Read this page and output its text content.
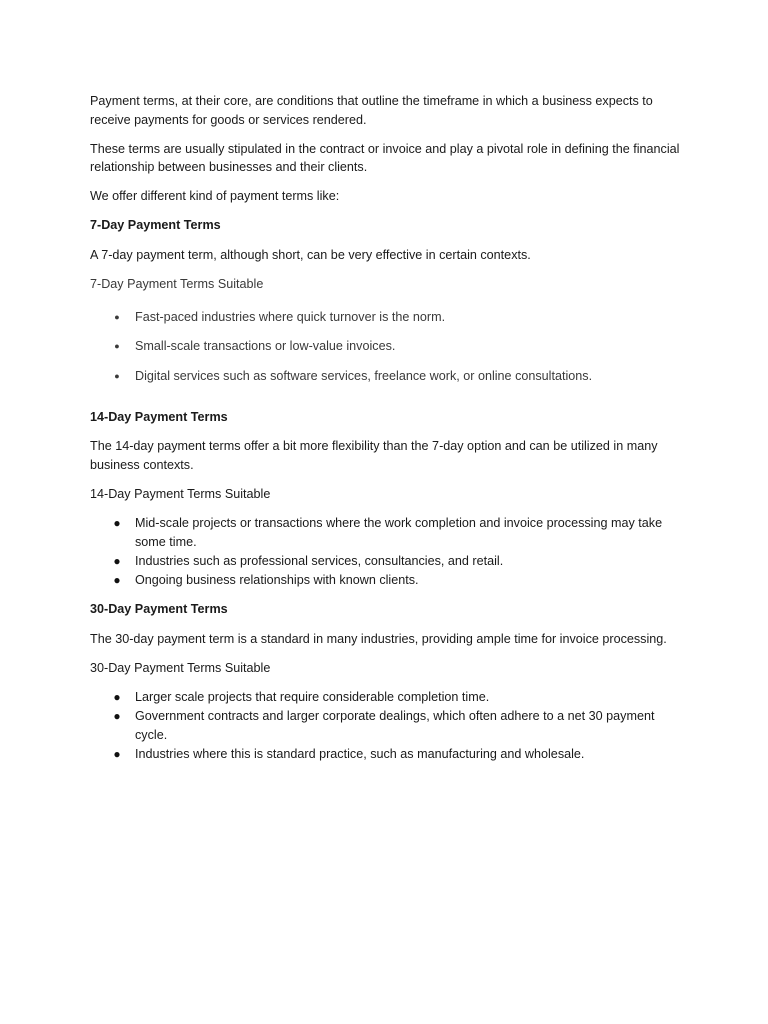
Payment terms, at their core, are conditions that outline the timeframe in which a business expects to receive payments for goods or services rendered.

These terms are usually stipulated in the contract or invoice and play a pivotal role in defining the financial relationship between businesses and their clients.

We offer different kind of payment terms like:

7-Day Payment Terms

A 7-day payment term, although short, can be very effective in certain contexts.

7-Day Payment Terms Suitable

● Fast-paced industries where quick turnover is the norm.
● Small-scale transactions or low-value invoices.
● Digital services such as software services, freelance work, or online consultations.

14-Day Payment Terms

The 14-day payment terms offer a bit more flexibility than the 7-day option and can be utilized in many business contexts.

14-Day Payment Terms Suitable

● Mid-scale projects or transactions where the work completion and invoice processing may take some time.
● Industries such as professional services, consultancies, and retail.
● Ongoing business relationships with known clients.

30-Day Payment Terms

The 30-day payment term is a standard in many industries, providing ample time for invoice processing.

30-Day Payment Terms Suitable

● Larger scale projects that require considerable completion time.
● Government contracts and larger corporate dealings, which often adhere to a net 30 payment cycle.
● Industries where this is standard practice, such as manufacturing and wholesale.
